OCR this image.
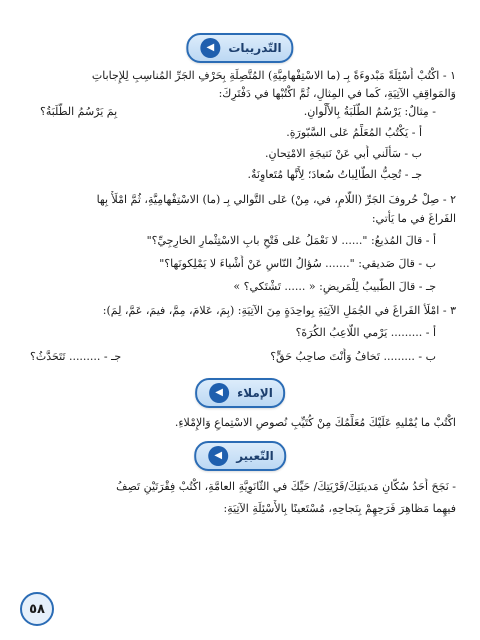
التّدريبات
◀
١ - اكْتُبْ أَسْئِلَةً مَبْدوءَةً بِـ (ما الاسْتِفْهامِيَّةِ) المُتَّصِلَةِ بِحَرْفِ الجَرِّ المُناسِبِ لِلإِجاباتِ
وَالمَواقِفِ الآتِيَةِ، كَما في المِثالِ، ثُمَّ اكْتُبْها في دَفْتَرِكَ:
- مِثالٌ: يَرْسُمُ الطَّلَبَةُ بِالأَلْوانِ.
بِمَ يَرْسُمُ الطَّلَبَةُ؟
أ - يَكْتُبُ المُعَلِّمُ عَلى السَّبّورَةِ.
ب - سَأَلَني أَبي عَنْ نَتيجَةِ الامْتِحانِ.
جـ - تُحِبُّ الطّالِباتُ سُعادَ؛ لِأَنَّها مُتَعاوِنَةٌ.
٢ - صِلْ حُروفَ الجَرِّ (اللّامِ، في، مِنْ) عَلى التَّوالي بِـ (ما) الاسْتِفْهامِيَّةِ، ثُمَّ امْلَأْ بِها
الفَراغَ في ما يَأْتي:
أ - قالَ المُذيعُ: "...... لا نَعْمَلُ عَلى فَتْحِ بابِ الاسْتِثْمارِ الخارِجِيِّ؟"
ب - قالَ صَديقي: "....... سُؤالُ النّاسِ عَنْ أَشْياءَ لا يَمْلِكونَها؟"
جـ - قالَ الطَّبيبُ لِلْمَريضِ: « ...... تَشْتَكي؟ »
٣ - امْلَأ الفَراغَ في الجُمَلِ الآتِيَةِ بِواحِدَةٍ مِنَ الآتِيَةِ: (بِمَ، عَلامَ، مِمَّ، فيمَ، عَمَّ، لِمَ):
أ - ......... يَرْمي اللّاعِبُ الكُرَةَ؟
ب - ......... تَخافُ وَأَنْتَ صاحِبُ حَقٍّ؟
جـ - ......... تَتَحَدَّثُ؟
الإملاء
◀
اكْتُبْ ما يُمْليهِ عَلَيْكَ مُعَلِّمُكَ مِنْ كُتَيِّبِ نُصوصِ الاسْتِماعِ وَالإِمْلاءِ.
التّعبير
◀
- نَجَحَ أَحَدُ سُكّانِ مَدينَتِكَ/قَرْيَتِكَ/ حَيِّكَ في الثّانَوِيَّةِ العامَّةِ، اكْتُبْ فِقْرَتَيْنِ تَصِفُ
فيهِما مَظاهِرَ فَرَحِهِمْ بِنَجاحِهِ، مُسْتَعينًا بِالأَسْئِلَةِ الآتِيَةِ:
٥٨
